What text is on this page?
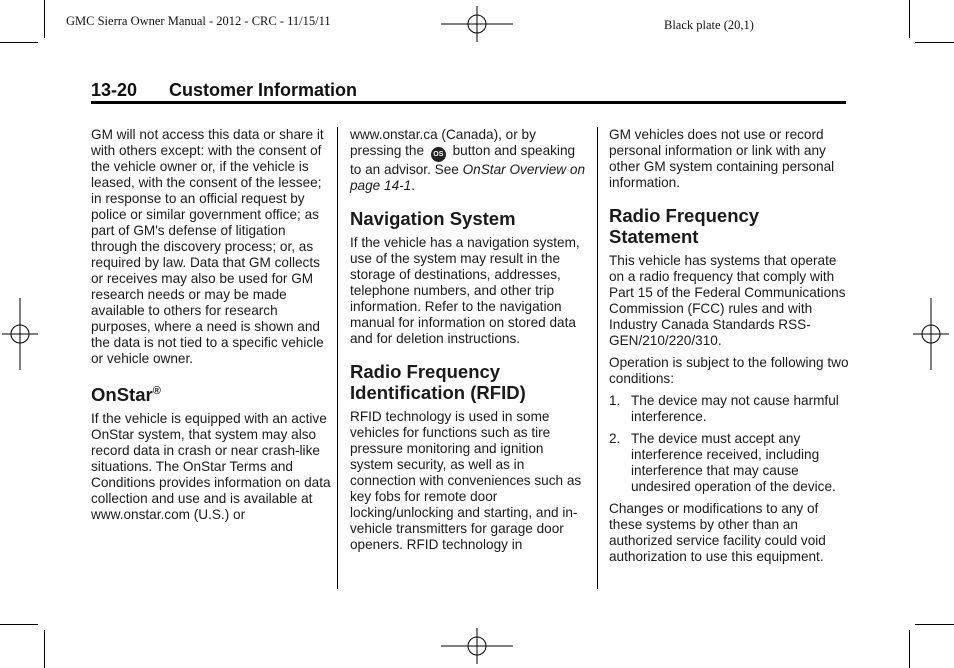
GMC Sierra Owner Manual - 2012 - CRC - 11/15/11	Black plate (20,1)
13-20 Customer Information

GM will not access this data or share it with others except: with the consent of the vehicle owner or, if the vehicle is leased, with the consent of the lessee; in response to an official request by police or similar government office; as part of GM's defense of litigation through the discovery process; or, as required by law. Data that GM collects or receives may also be used for GM research needs or may be made available to others for research purposes, where a need is shown and the data is not tied to a specific vehicle or vehicle owner.

OnStar®

If the vehicle is equipped with an active OnStar system, that system may also record data in crash or near crash-like situations. The OnStar Terms and Conditions provides information on data collection and use and is available at www.onstar.com (U.S.) or

www.onstar.ca (Canada), or by pressing the OS button and speaking to an advisor. See OnStar Overview on page 14-1.

Navigation System

If the vehicle has a navigation system, use of the system may result in the storage of destinations, addresses, telephone numbers, and other trip information. Refer to the navigation manual for information on stored data and for deletion instructions.

Radio Frequency Identification (RFID)

RFID technology is used in some vehicles for functions such as tire pressure monitoring and ignition system security, as well as in connection with conveniences such as key fobs for remote door locking/unlocking and starting, and in-vehicle transmitters for garage door openers. RFID technology in

GM vehicles does not use or record personal information or link with any other GM system containing personal information.

Radio Frequency Statement

This vehicle has systems that operate on a radio frequency that comply with Part 15 of the Federal Communications Commission (FCC) rules and with Industry Canada Standards RSS-GEN/210/220/310.

Operation is subject to the following two conditions:

1. The device may not cause harmful interference.
2. The device must accept any interference received, including interference that may cause undesired operation of the device.

Changes or modifications to any of these systems by other than an authorized service facility could void authorization to use this equipment.
